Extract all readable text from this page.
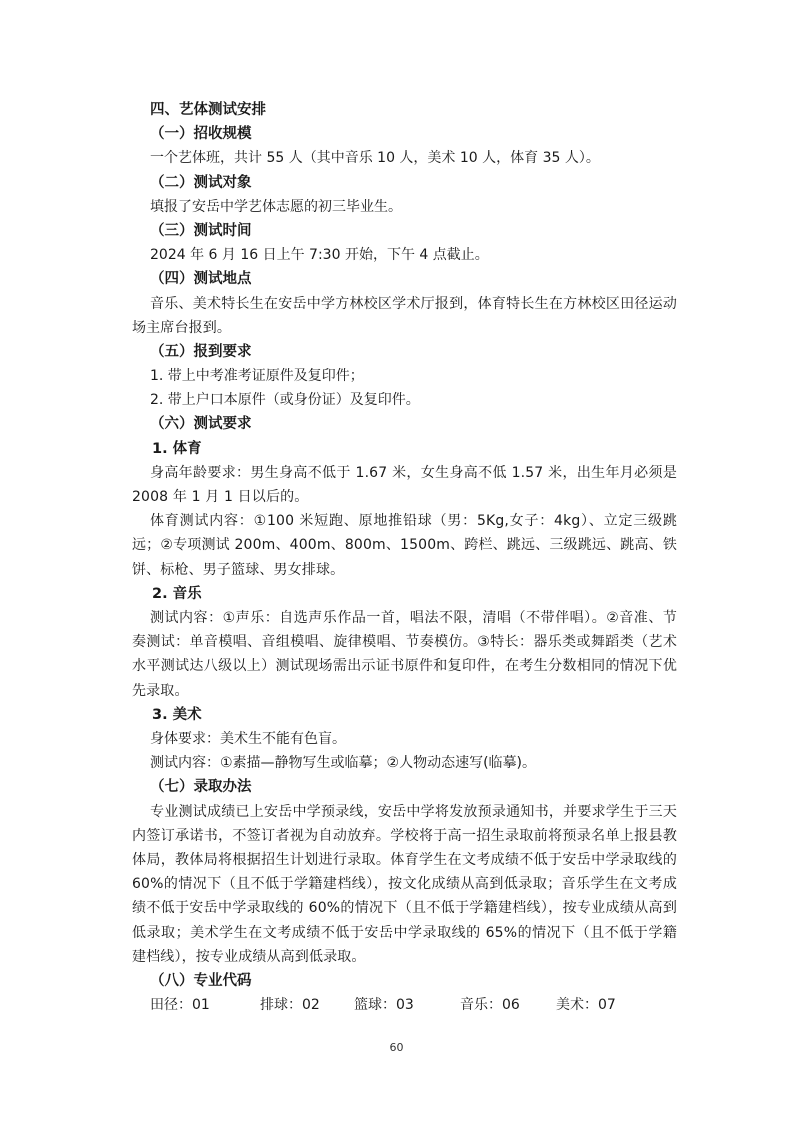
四、艺体测试安排
（一）招收规模
一个艺体班，共计 55 人（其中音乐 10 人，美术 10 人，体育 35 人）。
（二）测试对象
填报了安岳中学艺体志愿的初三毕业生。
（三）测试时间
2024 年 6 月 16 日上午 7:30 开始，下午 4 点截止。
（四）测试地点
音乐、美术特长生在安岳中学方林校区学术厅报到，体育特长生在方林校区田径运动场主席台报到。
（五）报到要求
1. 带上中考准考证原件及复印件；
2. 带上户口本原件（或身份证）及复印件。
（六）测试要求
1. 体育
身高年龄要求：男生身高不低于 1.67 米，女生身高不低 1.57 米，出生年月必须是 2008 年 1 月 1 日以后的。
体育测试内容：①100 米短跑、原地推铅球（男：5Kg,女子：4kg）、立定三级跳远；②专项测试 200m、400m、800m、1500m、跨栏、跳远、三级跳远、跳高、铁饼、标枪、男子篮球、男女排球。
2. 音乐
测试内容：①声乐：自选声乐作品一首，唱法不限，清唱（不带伴唱）。②音准、节奏测试：单音模唱、音组模唱、旋律模唱、节奏模仿。③特长：器乐类或舞蹈类（艺术水平测试达八级以上）测试现场需出示证书原件和复印件，在考生分数相同的情况下优先录取。
3. 美术
身体要求：美术生不能有色盲。
测试内容：①素描—静物写生或临摹；②人物动态速写(临摹)。
（七）录取办法
专业测试成绩已上安岳中学预录线，安岳中学将发放预录通知书，并要求学生于三天内签订承诺书，不签订者视为自动放弃。学校将于高一招生录取前将预录名单上报县教体局，教体局将根据招生计划进行录取。体育学生在文考成绩不低于安岳中学录取线的 60%的情况下（且不低于学籍建档线），按文化成绩从高到低录取；音乐学生在文考成绩不低于安岳中学录取线的 60%的情况下（且不低于学籍建档线），按专业成绩从高到低录取；美术学生在文考成绩不低于安岳中学录取线的 65%的情况下（且不低于学籍建档线），按专业成绩从高到低录取。
（八）专业代码
田径：01	排球：02 篮球：03	音乐：06	美术：07
60
